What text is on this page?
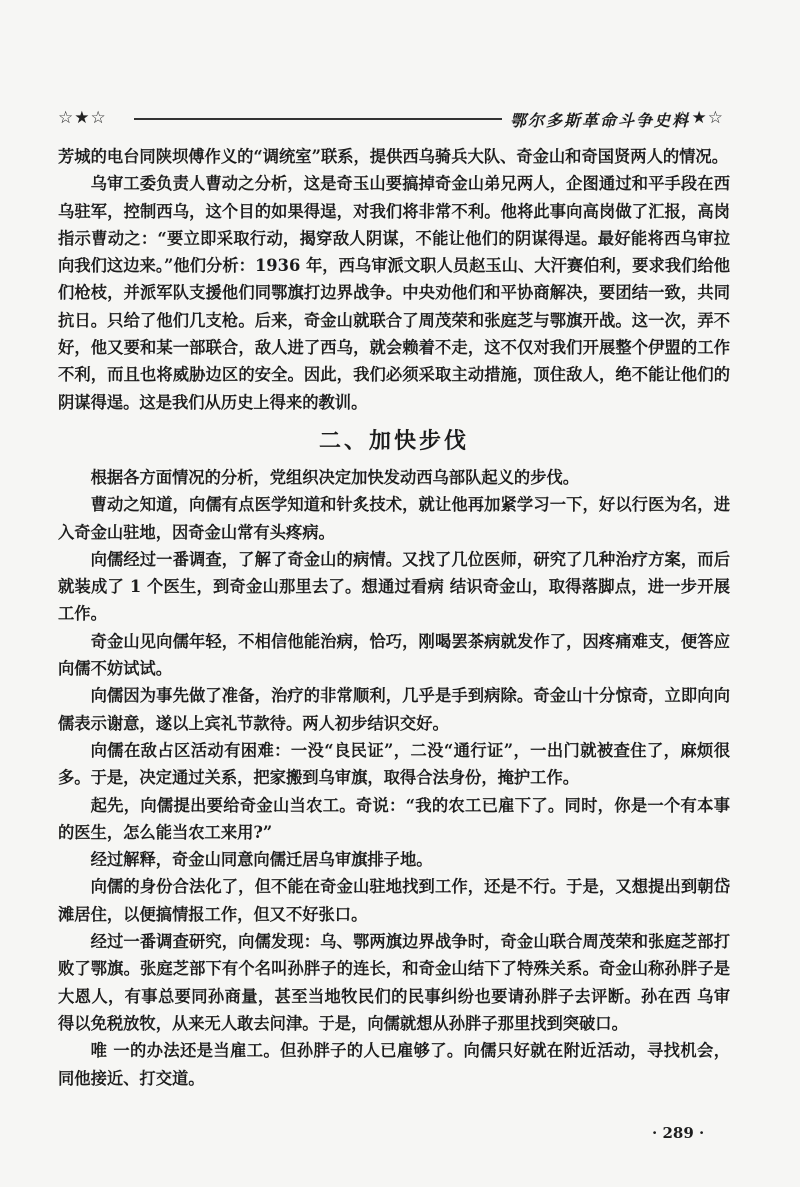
☆★☆	鄂尔多斯革命斗争史料
☆★☆

芳城的电台同陕坝傅作义的“调统室”联系，提供西乌骑兵大队、奇金山和奇国贤两人的情况。

乌审工委负责人曹动之分析，这是奇玉山要搞掉奇金山弟兄两人，企图通过和平手段在西乌驻军，控制西乌，这个目的如果得逞，对我们将非常不利。他将此事向高岗做了汇报，高岗指示曹动之：“要立即采取行动，揭穿敌人阴谋，不能让他们的阴谋得逞。最好能将西乌审拉向我们这边来。”他们分析：1936 年，西乌审派文职人员赵玉山、大汗赛伯利，要求我们给他们枪枝，并派军队支援他们同鄂旗打边界战争。中央劝他们和平协商解决，要团结一致，共同抗日。只给了他们几支枪。后来，奇金山就联合了周茂荣和张庭芝与鄂旗开战。这一次，弄不好，他又要和某一部联合，敌人进了西乌，就会赖着不走，这不仅对我们开展整个伊盟的工作不利，而且也将威胁边区的安全。因此，我们必须采取主动措施，顶住敌人，绝不能让他们的阴谋得逞。这是我们从历史上得来的教训。

二、加快步伐

根据各方面情况的分析，党组织决定加快发动西乌部队起义的步伐。

曹动之知道，向儒有点医学知道和针炙技术，就让他再加紧学习一下，好以行医为名，进入奇金山驻地，因奇金山常有头疼病。

向儒经过一番调查，了解了奇金山的病情。又找了几位医师，研究了几种治疗方案，而后就装成了 1 个医生，到奇金山那里去了。想通过看病 结识奇金山，取得落脚点，进一步开展工作。

奇金山见向儒年轻，不相信他能治病，恰巧，刚喝罢茶病就发作了，因疼痛难支，便答应向儒不妨试试。

向儒因为事先做了准备，治疗的非常顺利，几乎是手到病除。奇金山十分惊奇，立即向向儒表示谢意，遂以上宾礼节款待。两人初步结识交好。

向儒在敌占区活动有困难：一没“良民证”，二没“通行证”，一出门就被查住了，麻烦很多。于是，决定通过关系，把家搬到乌审旗，取得合法身份，掩护工作。

起先，向儒提出要给奇金山当农工。奇说：“我的农工已雇下了。同时，你是一个有本事的医生，怎么能当农工来用?”

经过解释，奇金山同意向儒迁居乌审旗排子地。

向儒的身份合法化了，但不能在奇金山驻地找到工作，还是不行。于是，又想提出到朝岱滩居住，以便搞情报工作，但又不好张口。

经过一番调查研究，向儒发现：乌、鄂两旗边界战争时，奇金山联合周茂荣和张庭芝部打败了鄂旗。张庭芝部下有个名叫孙胖子的连长，和奇金山结下了特殊关系。奇金山称孙胖子是大恩人，有事总要同孙商量，甚至当地牧民们的民事纠纷也要请孙胖子去评断。孙在西 乌审得以免税放牧，从来无人敢去问津。于是，向儒就想从孙胖子那里找到突破口。

唯 一的办法还是当雇工。但孙胖子的人已雇够了。向儒只好就在附近活动，寻找机会，同他接近、打交道。

· 289 ·
